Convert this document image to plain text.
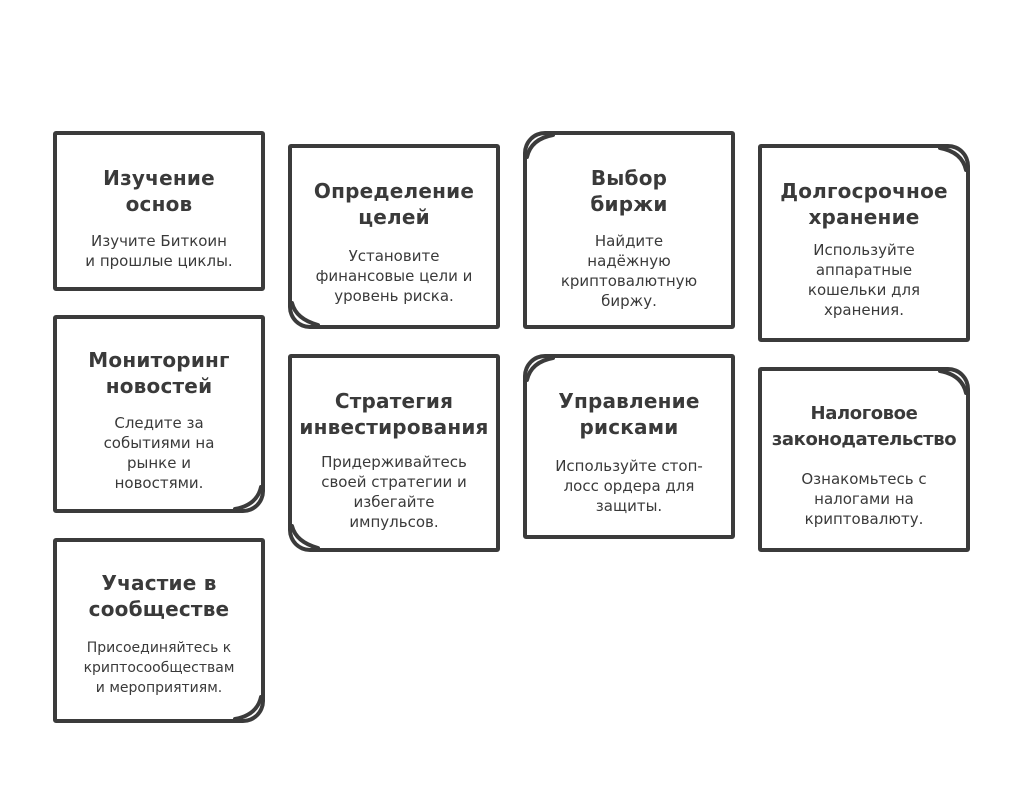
Изучение
основ
Изучите Биткоин
и прошлые циклы.
Определение
целей
Установите
финансовые цели и
уровень риска.
Выбор
биржи
Найдите
надёжную
криптовалютную
биржу.
Долгосрочное
хранение
Используйте
аппаратные
кошельки для
хранения.
Мониторинг
новостей
Следите за
событиями на
рынке и
новостями.
Стратегия
инвестирования
Придерживайтесь
своей стратегии и
избегайте
импульсов.
Управление
рисками
Используйте стоп-
лосс ордера для
защиты.
Налоговое
законодательство
Ознакомьтесь с
налогами на
криптовалюту.
Участие в
сообществе
Присоединяйтесь к
криптосообществам
и мероприятиям.
